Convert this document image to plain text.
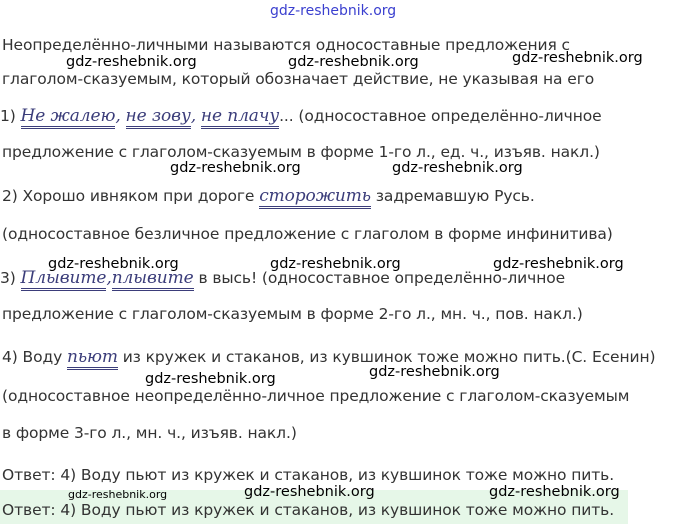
gdz-reshebnik.org
Неопределённо-личными называются односоставные предложения с
gdz-reshebnik.org	gdz-reshebnik.org	gdz-reshebnik.org
глаголом-сказуемым, который обозначает действие, не указывая на его
1) Не жалею, не зову, не плачу... (односоставное определённо-личное
предложение с глаголом-сказуемым в форме 1-го л., ед. ч., изъяв. накл.)
gdz-reshebnik.org	gdz-reshebnik.org
2) Хорошо ивняком при дороге сторожить задремавшую Русь.
(односоставное безличное предложение с глаголом в форме инфинитива)
gdz-reshebnik.org	gdz-reshebnik.org	gdz-reshebnik.org
3) Плывите,плывите в высь! (односоставное определённо-личное
предложение с глаголом-сказуемым в форме 2-го л., мн. ч., пов. накл.)
4) Воду пьют из кружек и стаканов, из кувшинок тоже можно пить.(С. Есенин)
gdz-reshebnik.org	gdz-reshebnik.org
(односоставное неопределённо-личное предложение с глаголом-сказуемым
в форме 3-го л., мн. ч., изъяв. накл.)
Ответ: 4) Воду пьют из кружек и стаканов, из кувшинок тоже можно пить.
gdz-reshebnik.org	gdz-reshebnik.org	gdz-reshebnik.org
Ответ: 4) Воду пьют из кружек и стаканов, из кувшинок тоже можно пить.
